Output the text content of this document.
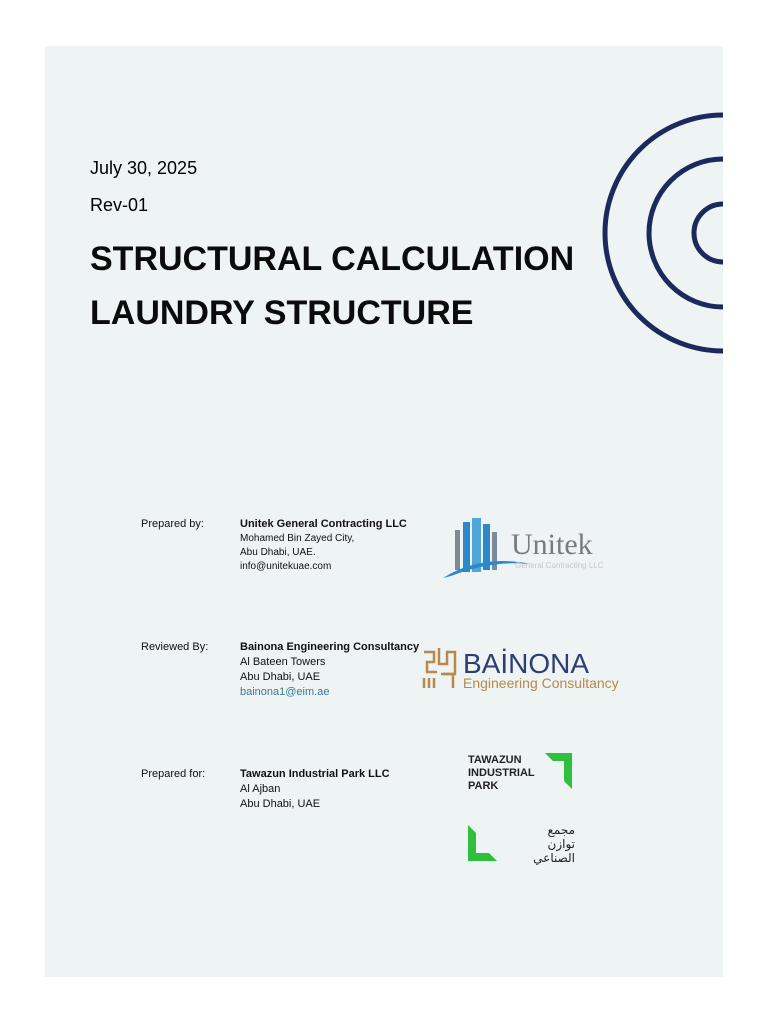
July 30, 2025
Rev-01
STRUCTURAL CALCULATION
LAUNDRY STRUCTURE
Prepared by:	Unitek General Contracting LLC
Mohamed Bin Zayed City,
Abu Dhabi, UAE.
info@unitekuae.com
Unitek
General Contracting LLC
Reviewed By:	Bainona Engineering Consultancy
Al Bateen Towers
Abu Dhabi, UAE
bainona1@eim.ae
BAİNONA
Engineering Consultancy
Prepared for:	Tawazun Industrial Park LLC
Al Ajban
Abu Dhabi, UAE
TAWAZUN
INDUSTRIAL
PARK
مجمع
توازن
الصناعي
